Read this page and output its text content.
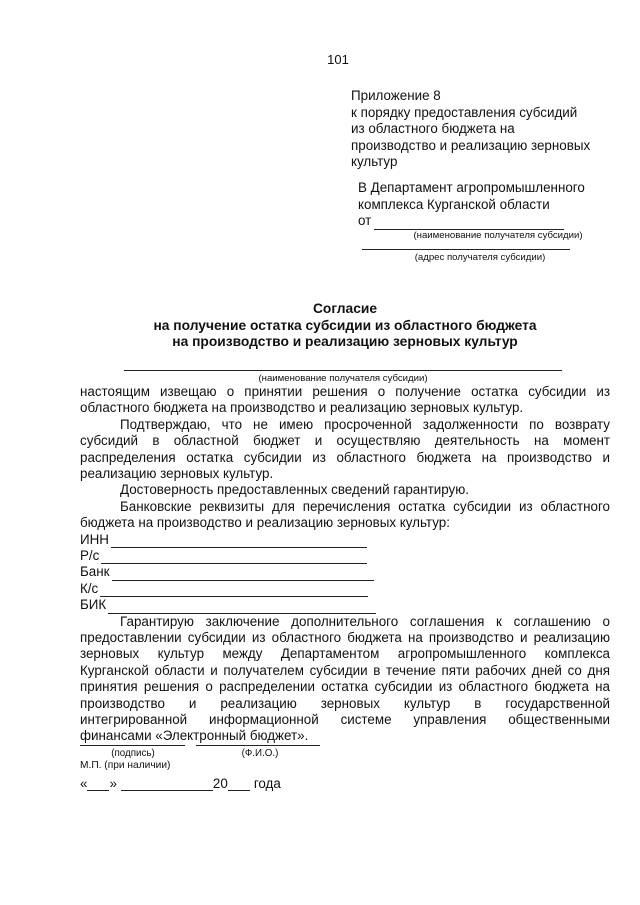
101
Приложение 8
к порядку предоставления субсидий
из областного бюджета на
производство и реализацию зерновых
культур
В Департамент агропромышленного
комплекса Курганской области
от
(наименование получателя субсидии)
(адрес получателя субсидии)
Согласие
на получение остатка субсидии из областного бюджета
на производство и реализацию зерновых культур
(наименование получателя субсидии)
настоящим извещаю о принятии решения о получение остатка субсидии из
областного бюджета на производство и реализацию зерновых культур.
Подтверждаю, что не имею просроченной задолженности по возврату
субсидий в областной бюджет и осуществляю деятельность на момент
распределения остатка субсидии из областного бюджета на производство и
реализацию зерновых культур.
Достоверность предоставленных сведений гарантирую.
Банковские реквизиты для перечисления остатка субсидии из областного
бюджета на производство и реализацию зерновых культур:
ИНН
Р/с
Банк
К/с
БИК
Гарантирую заключение дополнительного соглашения к соглашению о
предоставлении субсидии из областного бюджета на производство и реализацию
зерновых культур между Департаментом агропромышленного комплекса
Курганской области и получателем субсидии в течение пяти рабочих дней со дня
принятия решения о распределении остатка субсидии из областного бюджета на
производство и реализацию зерновых культур в государственной
интегрированной информационной системе управления общественными
финансами «Электронный бюджет».
(подпись)	(Ф.И.О.)
М.П. (при наличии)
« »	20 года
